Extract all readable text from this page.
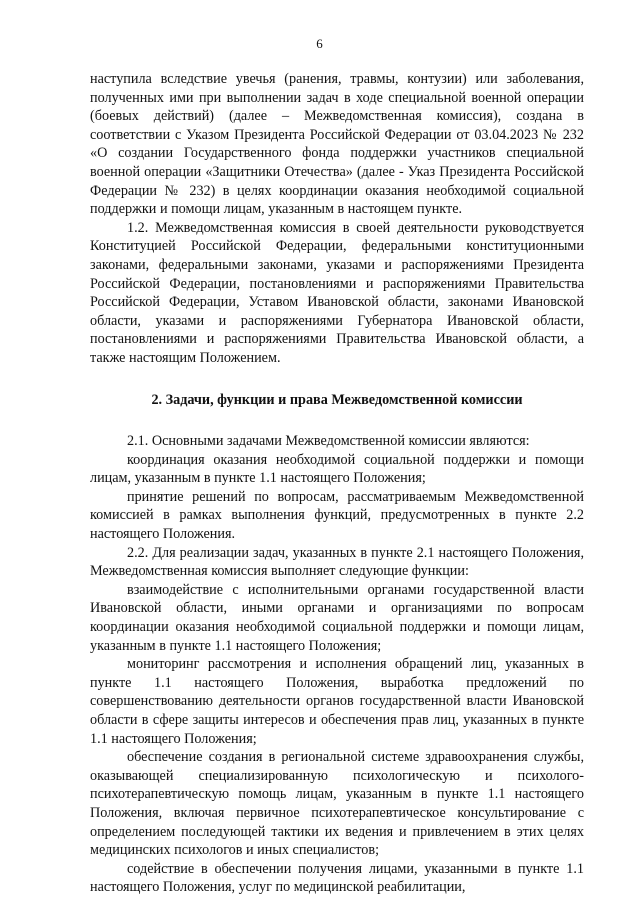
6

наступила вследствие увечья (ранения, травмы, контузии) или заболевания, полученных ими при выполнении задач в ходе специальной военной операции (боевых действий) (далее – Межведомственная комиссия), создана в соответствии с Указом Президента Российской Федерации от 03.04.2023 № 232 «О создании Государственного фонда поддержки участников специальной военной операции «Защитники Отечества» (далее - Указ Президента Российской Федерации № 232) в целях координации оказания необходимой социальной поддержки и помощи лицам, указанным в настоящем пункте.

1.2. Межведомственная комиссия в своей деятельности руководствуется Конституцией Российской Федерации, федеральными конституционными законами, федеральными законами, указами и распоряжениями Президента Российской Федерации, постановлениями и распоряжениями Правительства Российской Федерации, Уставом Ивановской области, законами Ивановской области, указами и распоряжениями Губернатора Ивановской области, постановлениями и распоряжениями Правительства Ивановской области, а также настоящим Положением.

2. Задачи, функции и права Межведомственной комиссии

2.1. Основными задачами Межведомственной комиссии являются:

координация оказания необходимой социальной поддержки и помощи лицам, указанным в пункте 1.1 настоящего Положения;

принятие решений по вопросам, рассматриваемым Межведомственной комиссией в рамках выполнения функций, предусмотренных в пункте 2.2 настоящего Положения.

2.2. Для реализации задач, указанных в пункте 2.1 настоящего Положения, Межведомственная комиссия выполняет следующие функции:

взаимодействие с исполнительными органами государственной власти Ивановской области, иными органами и организациями по вопросам координации оказания необходимой социальной поддержки и помощи лицам, указанным в пункте 1.1 настоящего Положения;

мониторинг рассмотрения и исполнения обращений лиц, указанных в пункте 1.1 настоящего Положения, выработка предложений по совершенствованию деятельности органов государственной власти Ивановской области в сфере защиты интересов и обеспечения прав лиц, указанных в пункте 1.1 настоящего Положения;

обеспечение создания в региональной системе здравоохранения службы, оказывающей специализированную психологическую и психолого-психотерапевтическую помощь лицам, указанным в пункте 1.1 настоящего Положения, включая первичное психотерапевтическое консультирование с определением последующей тактики их ведения и привлечением в этих целях медицинских психологов и иных специалистов;

содействие в обеспечении получения лицами, указанными в пункте 1.1 настоящего Положения, услуг по медицинской реабилитации,
